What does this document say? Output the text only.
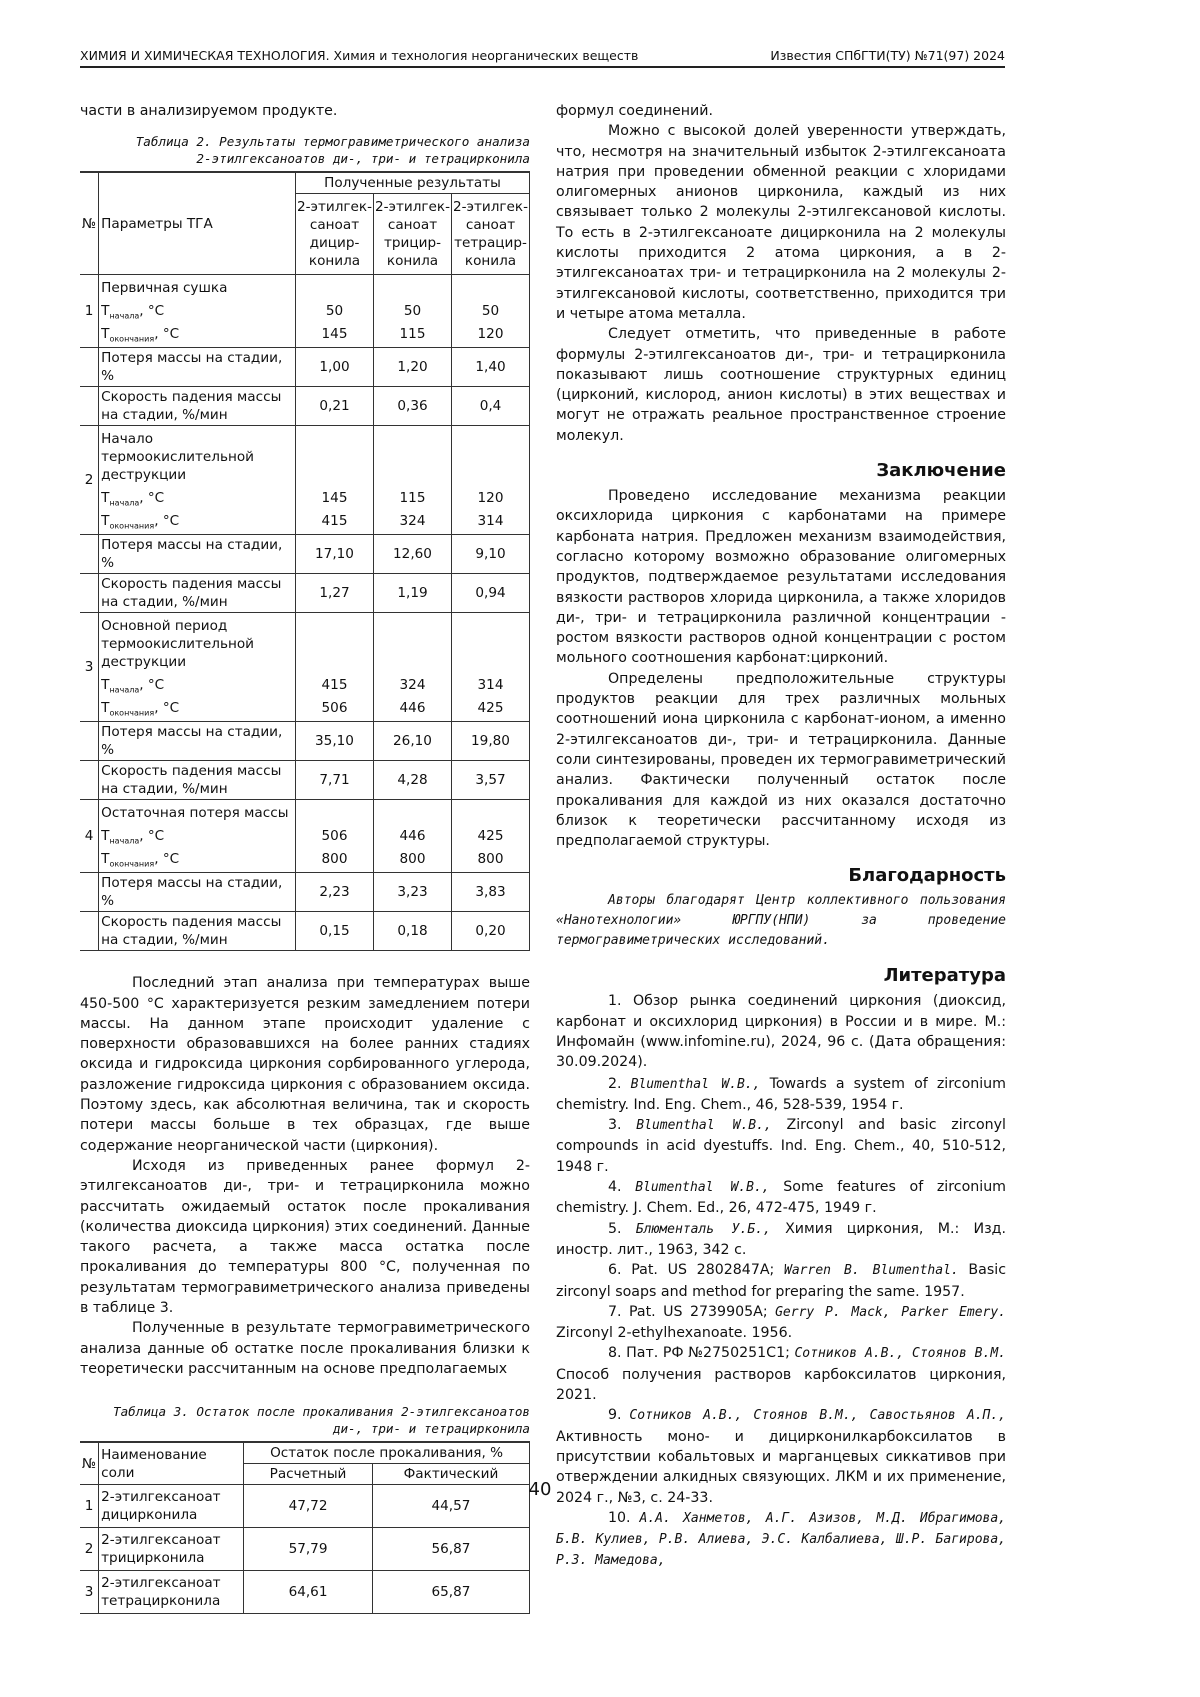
ХИМИЯ И ХИМИЧЕСКАЯ ТЕХНОЛОГИЯ. Химия и технология неорганических веществ	Известия СПбГТИ(ТУ) №71(97) 2024

части в анализируемом продукте.

Таблица 2. Результаты термогравиметрического анализа
2-этилгексаноатов ди-, три- и тетрацирконила
№	Параметры ТГА	Полученные результаты
2-этилгек-саноат дицир-конила	2-этилгек-саноат трицир-конила	2-этилгек-саноат тетрацир-конила
1	
Первичная сушка
Tначала, °C
Tокончания, °C

50
145

50
115

50
120

	Потеря массы на стадии, %	1,00	1,20	1,40
	Скорость падения массы на стадии, %/мин	0,21	0,36	0,4
2	
Начало термоокислительной деструкции
Tначала, °C
Tокончания, °C

145
415

115
324

120
314

	Потеря массы на стадии, %	17,10	12,60	9,10
	Скорость падения массы на стадии, %/мин	1,27	1,19	0,94
3	
Основной период термоокислительной деструкции
Tначала, °C
Tокончания, °C

415
506

324
446

314
425

	Потеря массы на стадии, %	35,10	26,10	19,80
	Скорость падения массы на стадии, %/мин	7,71	4,28	3,57
4	
Остаточная потеря массы
Tначала, °C
Tокончания, °C

506
800

446
800

425
800

	Потеря массы на стадии, %	2,23	3,23	3,83
	Скорость падения массы на стадии, %/мин	0,15	0,18	0,20

Последний этап анализа при температурах выше 450-500 °C характеризуется резким замедлением потери массы. На данном этапе происходит удаление с поверхности образовавшихся на более ранних стадиях оксида и гидроксида циркония сорбированного углерода, разложение гидроксида циркония с образованием оксида. Поэтому здесь, как абсолютная величина, так и скорость потери массы больше в тех образцах, где выше содержание неорганической части (циркония).

Исходя из приведенных ранее формул 2-этилгексаноатов ди-, три- и тетрацирконила можно рассчитать ожидаемый остаток после прокаливания (количества диоксида циркония) этих соединений. Данные такого расчета, а также масса остатка после прокаливания до температуры 800 °C, полученная по результатам термогравиметрического анализа приведены в таблице 3.

Полученные в результате термогравиметрического анализа данные об остатке после прокаливания близки к теоретически рассчитанным на основе предполагаемых

Таблица 3. Остаток после прокаливания 2-этилгексаноатов
ди-, три- и тетрацирконила
№	Наименование соли	Остаток после прокаливания, %
Расчетный	Фактический
1	2-этилгексаноат дицирконила	47,72	44,57
2	2-этилгексаноат трицирконила	57,79	56,87
3	2-этилгексаноат тетрацирконила	64,61	65,87

формул соединений.

Можно с высокой долей уверенности утверждать, что, несмотря на значительный избыток 2-этилгексаноата натрия при проведении обменной реакции с хлоридами олигомерных анионов цирконила, каждый из них связывает только 2 молекулы 2-этилгексановой кислоты. То есть в 2-этилгексаноате дицирконила на 2 молекулы кислоты приходится 2 атома циркония, а в 2-этилгексаноатах три- и тетрацирконила на 2 молекулы 2-этилгексановой кислоты, соответственно, приходится три и четыре атома металла.

Следует отметить, что приведенные в работе формулы 2-этилгексаноатов ди-, три- и тетрацирконила показывают лишь соотношение структурных единиц (цирконий, кислород, анион кислоты) в этих веществах и могут не отражать реальное пространственное строение молекул.

Заключение

Проведено исследование механизма реакции оксихлорида циркония с карбонатами на примере карбоната натрия. Предложен механизм взаимодействия, согласно которому возможно образование олигомерных продуктов, подтверждаемое результатами исследования вязкости растворов хлорида цирконила, а также хлоридов ди-, три- и тетрацирконила различной концентрации - ростом вязкости растворов одной концентрации с ростом мольного соотношения карбонат:цирконий.

Определены предположительные структуры продуктов реакции для трех различных мольных соотношений иона цирконила с карбонат-ионом, а именно 2-этилгексаноатов ди-, три- и тетрацирконила. Данные соли синтезированы, проведен их термогравиметрический анализ. Фактически полученный остаток после прокаливания для каждой из них оказался достаточно близок к теоретически рассчитанному исходя из предполагаемой структуры.

Благодарность
Авторы благодарят Центр коллективного пользования «Нанотехнологии» ЮРГПУ(НПИ) за проведение термогравиметрических исследований.
Литература
1. Обзор рынка соединений циркония (диоксид, карбонат и оксихлорид циркония) в России и в мире. М.: Инфомайн (www.infomine.ru), 2024, 96 с. (Дата обращения: 30.09.2024).
2. Blumenthal W.B., Towards a system of zirconium chemistry. Ind. Eng. Chem., 46, 528-539, 1954 г.
3. Blumenthal W.B., Zirconyl and basic zirconyl compounds in acid dyestuffs. Ind. Eng. Chem., 40, 510-512, 1948 г.
4. Blumenthal W.B., Some features of zirconium chemistry. J. Chem. Ed., 26, 472-475, 1949 г.
5. Блюменталь У.Б., Химия циркония, М.: Изд. иностр. лит., 1963, 342 с.
6. Pat. US 2802847A; Warren B. Blumenthal. Basic zirconyl soaps and method for preparing the same. 1957.
7. Pat. US 2739905A; Gerry P. Mack, Parker Emery. Zirconyl 2-ethylhexanoate. 1956.
8. Пат. РФ №2750251C1; Сотников А.В., Стоянов В.М. Способ получения растворов карбоксилатов циркония, 2021.
9. Сотников А.В., Стоянов В.М., Савостьянов А.П., Активность моно- и дицирконилкарбоксилатов в присутствии кобальтовых и марганцевых сиккативов при отверждении алкидных связующих. ЛКМ и их применение, 2024 г., №3, с. 24-33.
10. А.А. Ханметов, А.Г. Азизов, М.Д. Ибрагимова, Б.В. Кулиев, Р.В. Алиева, Э.С. Калбалиева, Ш.Р. Багирова, Р.З. Мамедова,
40
